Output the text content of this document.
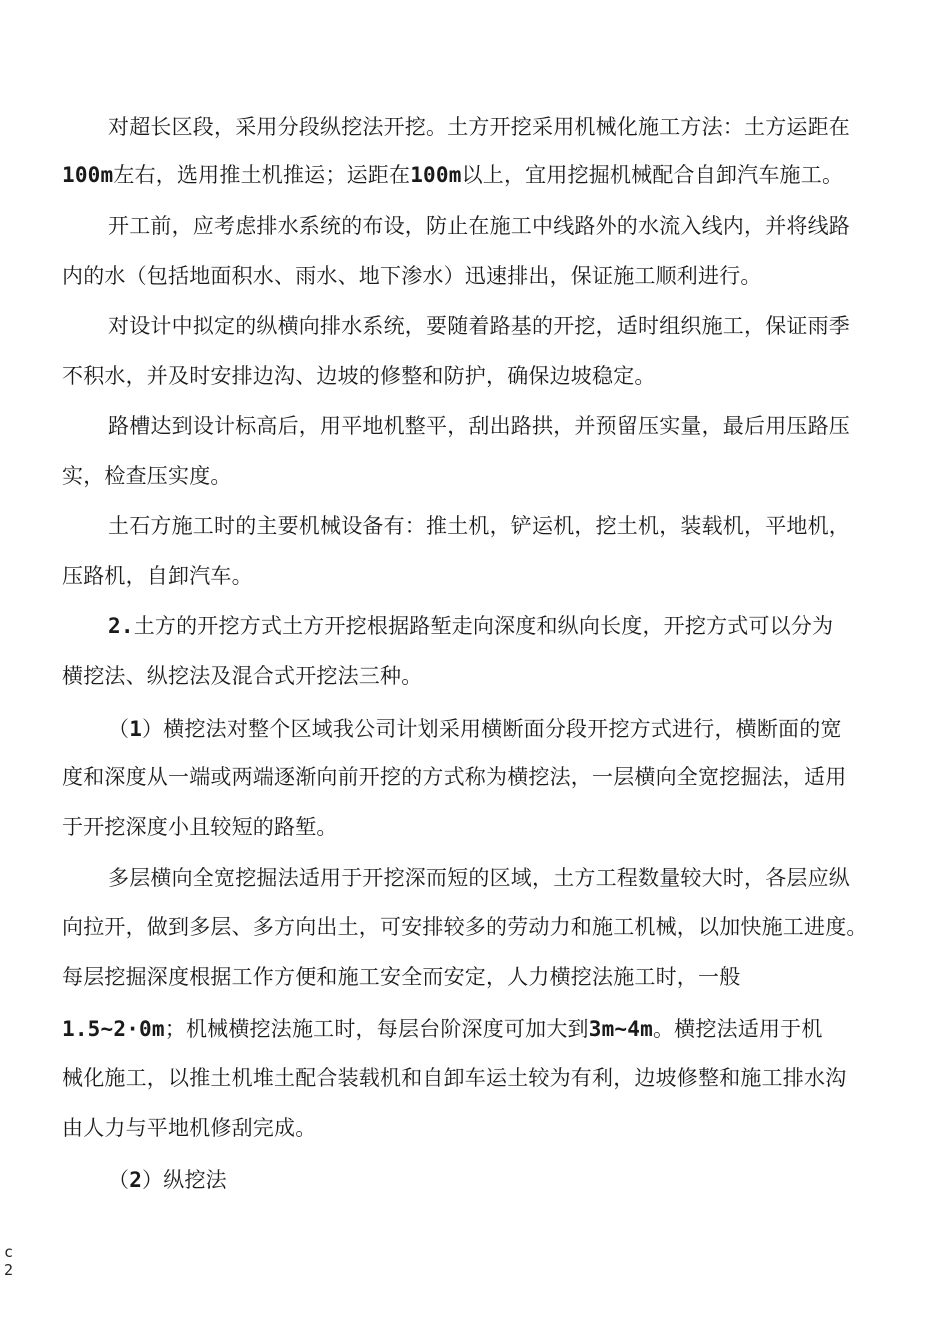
对超长区段，采用分段纵挖法开挖。土方开挖采用机械化施工方法：土方运距在
100m左右，选用推土机推运；运距在100m以上，宜用挖掘机械配合自卸汽车施工。
开工前，应考虑排水系统的布设，防止在施工中线路外的水流入线内，并将线路
内的水（包括地面积水、雨水、地下渗水）迅速排出，保证施工顺利进行。
对设计中拟定的纵横向排水系统，要随着路基的开挖，适时组织施工，保证雨季
不积水，并及时安排边沟、边坡的修整和防护，确保边坡稳定。
路槽达到设计标高后，用平地机整平，刮出路拱，并预留压实量，最后用压路压
实，检查压实度。
土石方施工时的主要机械设备有：推土机，铲运机，挖土机，装载机，平地机，
压路机，自卸汽车。
2.土方的开挖方式土方开挖根据路堑走向深度和纵向长度，开挖方式可以分为
横挖法、纵挖法及混合式开挖法三种。
（1）横挖法对整个区域我公司计划采用横断面分段开挖方式进行，横断面的宽
度和深度从一端或两端逐渐向前开挖的方式称为横挖法，一层横向全宽挖掘法，适用
于开挖深度小且较短的路堑。
多层横向全宽挖掘法适用于开挖深而短的区域，土方工程数量较大时，各层应纵
向拉开，做到多层、多方向出土，可安排较多的劳动力和施工机械，以加快施工进度。
每层挖掘深度根据工作方便和施工安全而安定，人力横挖法施工时，一般
1.5~2·0m；机械横挖法施工时，每层台阶深度可加大到3m~4m。横挖法适用于机
械化施工，以推土机堆土配合装载机和自卸车运土较为有利，边坡修整和施工排水沟
由人力与平地机修刮完成。
（2）纵挖法
c
2
